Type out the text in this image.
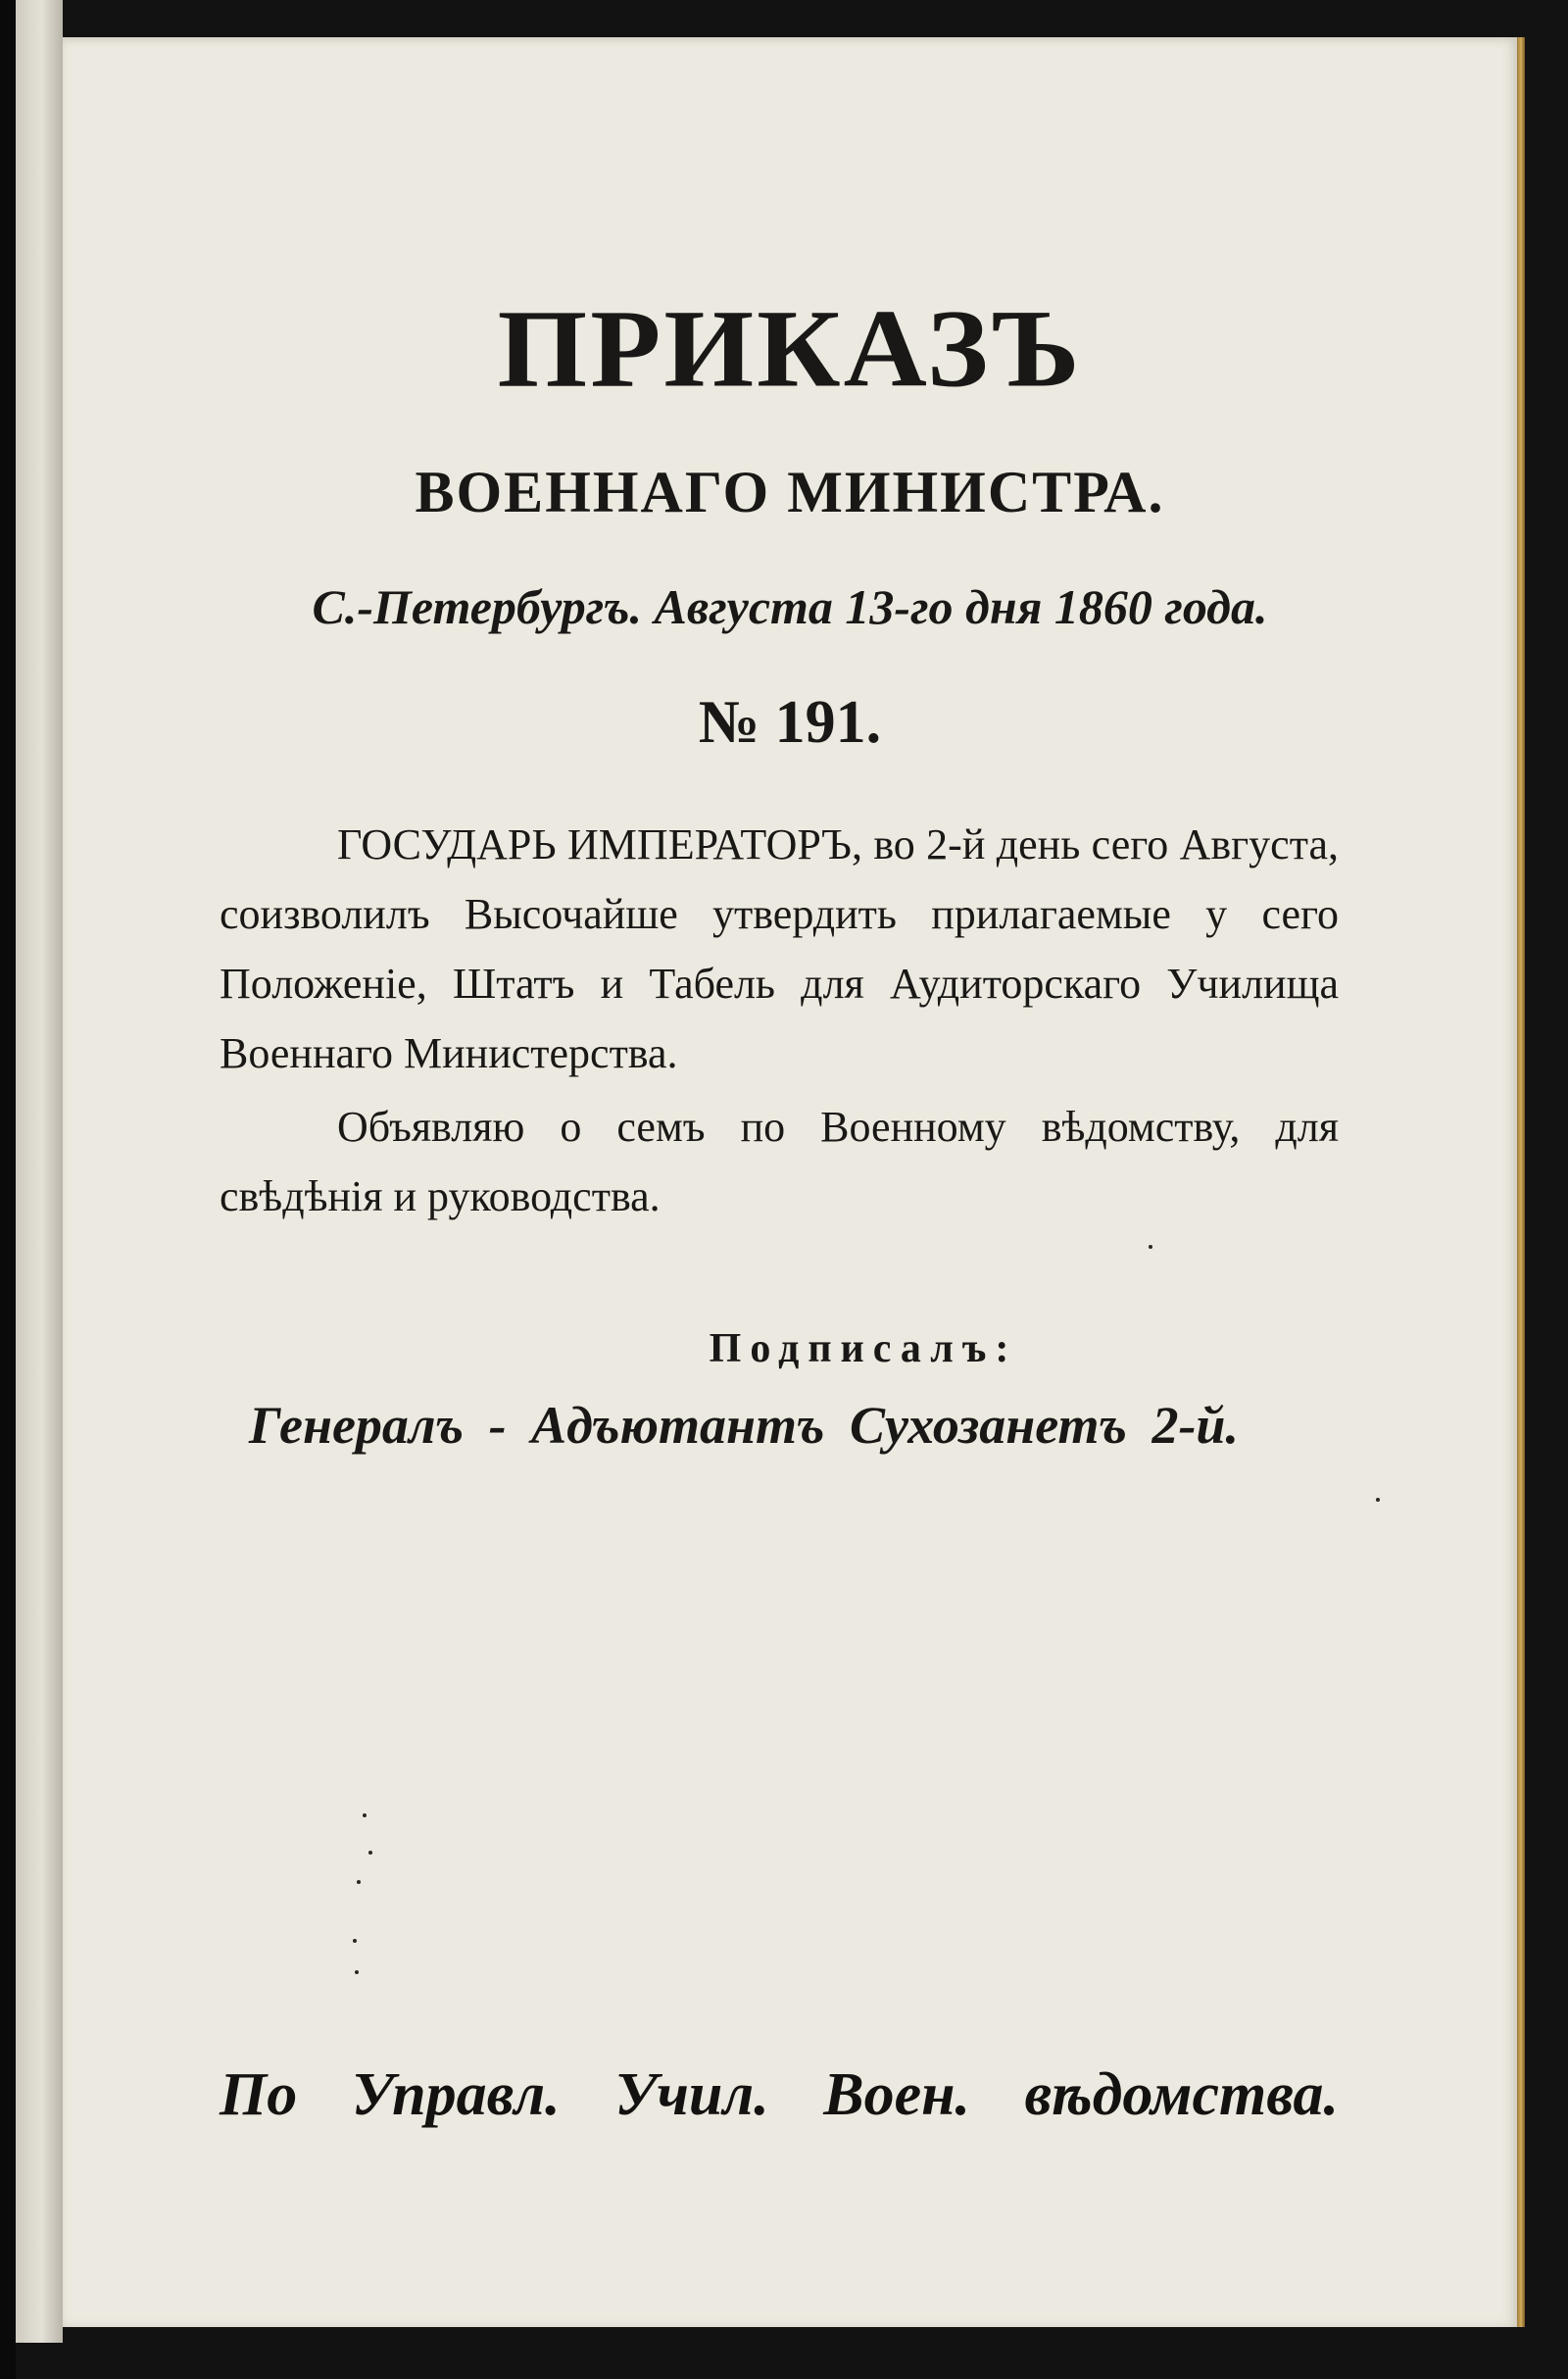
ПРИКАЗЪ
ВОЕННАГО МИНИСТРА.
С.-Петербургъ. Августа 13-го дня 1860 года.
№ 191.

ГОСУДАРЬ ИМПЕРАТОРЪ, во 2-й день сего Августа, соизволилъ Высочайше утвердить прилагаемые у сего Положеніе, Штатъ и Табель для Аудиторскаго Училища Военнаго Министерства.

Объявляю о семъ по Военному вѣдомству, для свѣдѣнія и руководства.

Подписалъ:
Генералъ - Адъютантъ Сухозанетъ 2-й.
По Управл. Учил. Воен. вѣдомства.
